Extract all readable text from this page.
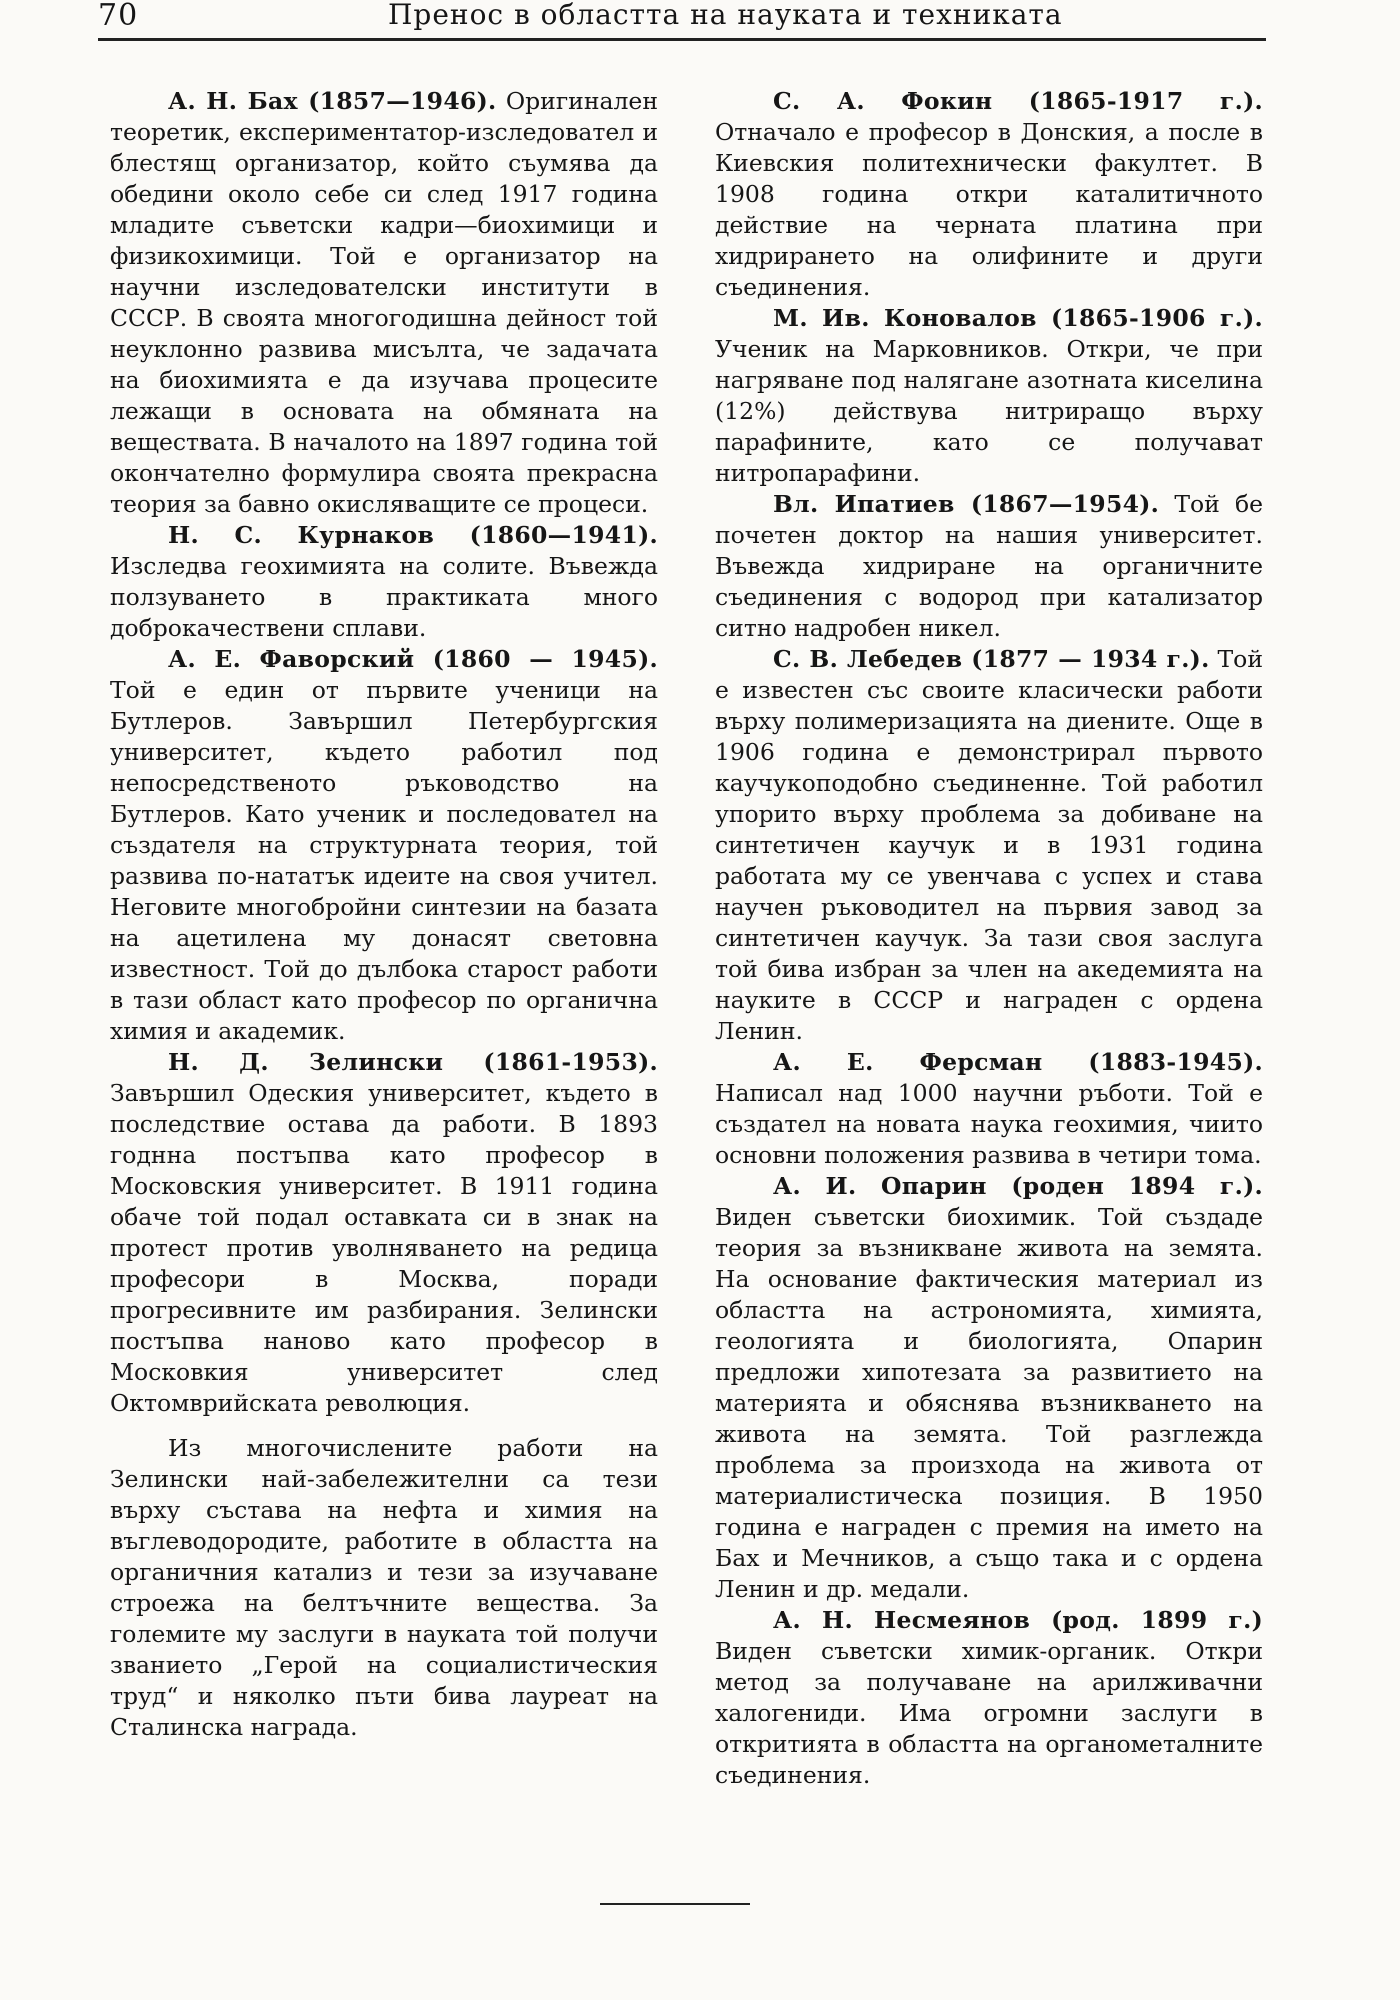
70	Пренос в областта на науката и техниката

А. Н. Бах (1857—1946). Оригинален теоретик, експериментатор-изследовател и блестящ организатор, който съумява да обедини около себе си след 1917 година младите съветски кадри—биохимици и физикохимици. Той е организатор на научни изследователски институти в СССР. В своята многогодишна дейност той неуклонно развива мисълта, че задачата на биохимията е да изучава процесите лежащи в основата на обмяната на веществата. В началото на 1897 година той окончателно формулира своята прекрасна теория за бавно окисляващите се процеси.

Н. С. Курнаков (1860—1941). Изследва геохимията на солите. Въвежда ползуването в практиката много доброкачествени сплави.

А. Е. Фаворский (1860 — 1945). Той е един от първите ученици на Бутлеров. Завършил Петербургския университет, където работил под непосредственото ръководство на Бутлеров. Като ученик и последовател на създателя на структурната теория, той развива по-нататък идеите на своя учител. Неговите многобройни синтезии на базата на ацетилена му донасят световна известност. Той до дълбока старост работи в тази област като професор по органична химия и академик.

Н. Д. Зелински (1861-1953). Завършил Одеския университет, където в последствие остава да работи. В 1893 годнна постъпва като професор в Московския университет. В 1911 година обаче той подал оставката си в знак на протест против уволняването на редица професори в Москва, поради прогресивните им разбирания. Зелински постъпва наново като професор в Московкия университет след Октомврийската революция.

Из многочислените работи на Зелински най-забележителни са тези върху състава на нефта и химия на въглеводородите, работите в областта на органичния катализ и тези за изучаване строежа на белтъчните вещества. За големите му заслуги в науката той получи званието „Герой на социалистическия труд“ и няколко пъти бива лауреат на Сталинска награда.

С. А. Фокин (1865-1917 г.). Отначало е професор в Донския, а после в Киевския политехнически факултет. В 1908 година откри каталитичното действие на черната платина при хидрирането на олифините и други съединения.

М. Ив. Коновалов (1865-1906 г.). Ученик на Марковников. Откри, че при нагряване под налягане азотната киселина (12%) действува нитриращо върху парафините, като се получават нитропарафини.

Вл. Ипатиев (1867—1954). Той бе почетен доктор на нашия университет. Въвежда хидриране на органичните съединения с водород при катализатор ситно надробен никел.

С. В. Лебедев (1877 — 1934 г.). Той е известен със своите класически работи върху полимеризацията на диените. Още в 1906 година е демонстрирал първото каучукоподобно съединенне. Той работил упорито върху проблема за добиване на синтетичен каучук и в 1931 година работата му се увенчава с успех и става научен ръководител на първия завод за синтетичен каучук. За тази своя заслуга той бива избран за член на акедемията на науките в СССР и награден с ордена Ленин.

А. Е. Ферсман (1883-1945). Написал над 1000 научни ръботи. Той е създател на новата наука геохимия, чиито основни положения развива в четири тома.

А. И. Опарин (роден 1894 г.). Виден съветски биохимик. Той създаде теория за възникване живота на земята. На основание фактическия материал из областта на астрономията, химията, геологията и биологията, Опарин предложи хипотезата за развитието на материята и обяснява възникването на живота на земята. Той разглежда проблема за произхода на живота от материалистическа позиция. В 1950 година е награден с премия на името на Бах и Мечников, а също така и с ордена Ленин и др. медали.

А. Н. Несмеянов (род. 1899 г.) Виден съветски химик-органик. Откри метод за получаване на арилживачни халогениди. Има огромни заслуги в откритията в областта на органометалните съединения.
